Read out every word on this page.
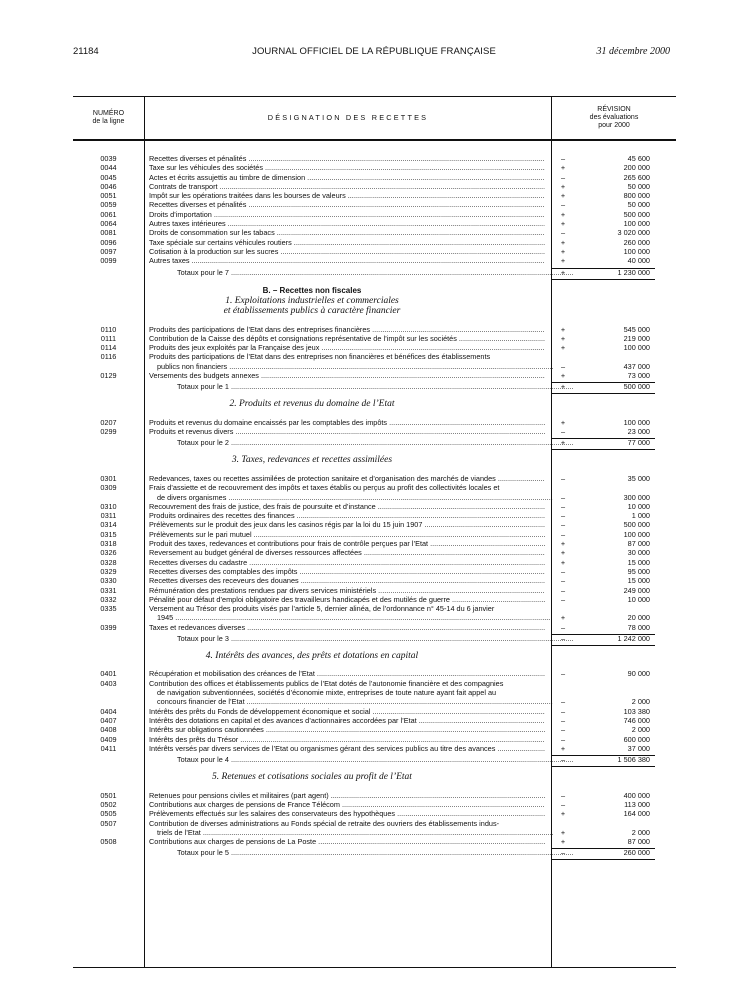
21184	JOURNAL OFFICIEL DE LA RÉPUBLIQUE FRANÇAISE	31 décembre 2000
NUMÉRO
de la ligne	DÉSIGNATION DES RECETTES
RÉVISION
des évaluations
pour 2000
0039	Recettes diverses et pénalités .....	–	45 600
0044	Taxe sur les véhicules des sociétés .....	+	200 000
0045	Actes et écrits assujettis au timbre de dimension .....	–	265 600
0046	Contrats de transport .....	+	50 000
0051	Impôt sur les opérations traitées dans les bourses de valeurs .....	+	800 000
0059	Recettes diverses et pénalités .....	–	50 000
0061	Droits d’importation .....	+	500 000
0064	Autres taxes intérieures .....	+	100 000
0081	Droits de consommation sur les tabacs .....	–	3 020 000
0096	Taxe spéciale sur certains véhicules routiers .....	+	260 000
0097	Cotisation à la production sur les sucres .....	+	100 000
0099	Autres taxes .....	+	40 000
Totaux pour le 7 .....	+	1 230 000
B. – Recettes non fiscales
1. Exploitations industrielles et commerciales
et établissements publics à caractère financier
0110	Produits des participations de l’Etat dans des entreprises financières .....	+	545 000
0111	Contribution de la Caisse des dépôts et consignations représentative de l’impôt sur les sociétés .....	+	219 000
0114	Produits des jeux exploités par la Française des jeux .....	+	100 000
0116	Produits des participations de l’Etat dans des entreprises non financières et bénéfices des établissements
publics non financiers .....	–	437 000
0129	Versements des budgets annexes .....	+	73 000
Totaux pour le 1 .....	+	500 000
2. Produits et revenus du domaine de l’Etat
0207	Produits et revenus du domaine encaissés par les comptables des impôts .....	+	100 000
0299	Produits et revenus divers .....	–	23 000
Totaux pour le 2 .....	+	77 000
3. Taxes, redevances et recettes assimilées
0301	Redevances, taxes ou recettes assimilées de protection sanitaire et d’organisation des marchés de viandes .....	–	35 000
0309	Frais d’assiette et de recouvrement des impôts et taxes établis ou perçus au profit des collectivités locales et
de divers organismes .....	–	300 000
0310	Recouvrement des frais de justice, des frais de poursuite et d’instance .....	–	10 000
0311	Produits ordinaires des recettes des finances .....	–	1 000
0314	Prélèvements sur le produit des jeux dans les casinos régis par la loi du 15 juin 1907 .....	–	500 000
0315	Prélèvements sur le pari mutuel .....	–	100 000
0318	Produit des taxes, redevances et contributions pour frais de contrôle perçues par l’Etat .....	+	87 000
0326	Reversement au budget général de diverses ressources affectées .....	+	30 000
0328	Recettes diverses du cadastre .....	+	15 000
0329	Recettes diverses des comptables des impôts .....	–	95 000
0330	Recettes diverses des receveurs des douanes .....	–	15 000
0331	Rémunération des prestations rendues par divers services ministériels .....	–	249 000
0332	Pénalité pour défaut d’emploi obligatoire des travailleurs handicapés et des mutilés de guerre .....	–	10 000
0335	Versement au Trésor des produits visés par l’article 5, dernier alinéa, de l’ordonnance n° 45-14 du 6 janvier
1945 .....	+	20 000
0399	Taxes et redevances diverses .....	–	78 000
Totaux pour le 3 .....	–	1 242 000
4. Intérêts des avances, des prêts et dotations en capital
0401	Récupération et mobilisation des créances de l’Etat .....	–	90 000
0403	Contribution des offices et établissements publics de l’Etat dotés de l’autonomie financière et des compagnies
de navigation subventionnées, sociétés d’économie mixte, entreprises de toute nature ayant fait appel au
concours financier de l’Etat .....	–	2 000
0404	Intérêts des prêts du Fonds de développement économique et social .....	–	103 380
0407	Intérêts des dotations en capital et des avances d’actionnaires accordées par l’Etat .....	–	746 000
0408	Intérêts sur obligations cautionnées .....	–	2 000
0409	Intérêts des prêts du Trésor .....	–	600 000
0411	Intérêts versés par divers services de l’Etat ou organismes gérant des services publics au titre des avances .....	+	37 000
Totaux pour le 4 .....	–	1 506 380
5. Retenues et cotisations sociales au profit de l’Etat
0501	Retenues pour pensions civiles et militaires (part agent) .....	–	400 000
0502	Contributions aux charges de pensions de France Télécom .....	–	113 000
0505	Prélèvements effectués sur les salaires des conservateurs des hypothèques .....	+	164 000
0507	Contribution de diverses administrations au Fonds spécial de retraite des ouvriers des établissements indus-
triels de l’Etat .....	+	2 000
0508	Contributions aux charges de pensions de La Poste .....	+	87 000
Totaux pour le 5 .....	–	260 000
